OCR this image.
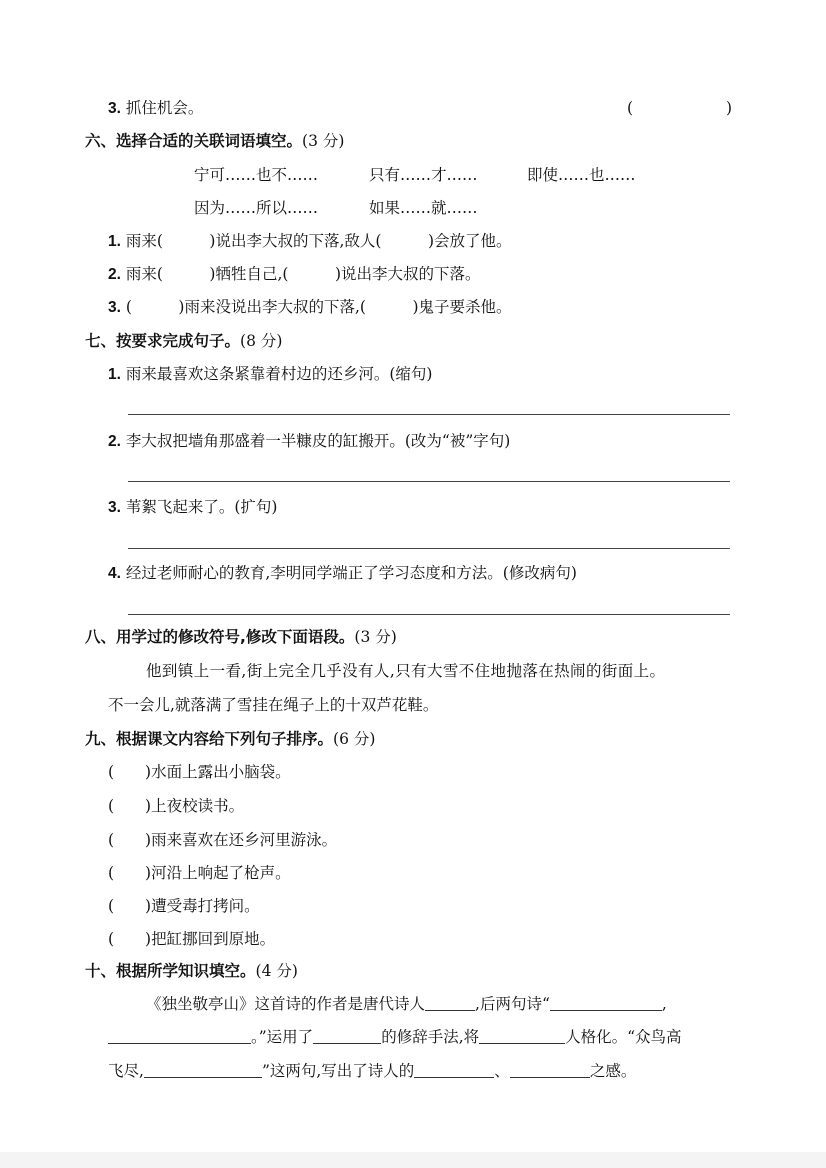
3. 抓住机会。	(　　　　　　)
六、选择合适的关联词语填空。(3 分)
宁可……也不……	只有……才……	即使……也……
因为……所以……	如果……就……
1. 雨来(　　　)说出李大叔的下落,敌人(　　　)会放了他。
2. 雨来(　　　)牺牲自己,(　　　)说出李大叔的下落。
3. (　　　)雨来没说出李大叔的下落,(　　　)鬼子要杀他。
七、按要求完成句子。(8 分)
1. 雨来最喜欢这条紧靠着村边的还乡河。(缩句)
2. 李大叔把墙角那盛着一半糠皮的缸搬开。(改为“被”字句)
3. 苇絮飞起来了。(扩句)
4. 经过老师耐心的教育,李明同学端正了学习态度和方法。(修改病句)
八、用学过的修改符号,修改下面语段。(3 分)
他到镇上一看,街上完全几乎没有人,只有大雪不住地抛落在热闹的街面上。
不一会儿,就落满了雪挂在绳子上的十双芦花鞋。
九、根据课文内容给下列句子排序。(6 分)
(　　)水面上露出小脑袋。
(　　)上夜校读书。
(　　)雨来喜欢在还乡河里游泳。
(　　)河沿上响起了枪声。
(　　)遭受毒打拷问。
(　　)把缸挪回到原地。
十、根据所学知识填空。(4 分)
《独坐敬亭山》这首诗的作者是唐代诗人	,后两句诗“	,
。”运用了	的修辞手法,将	人格化。“众鸟高
飞尽,	”这两句,写出了诗人的	、	之感。
